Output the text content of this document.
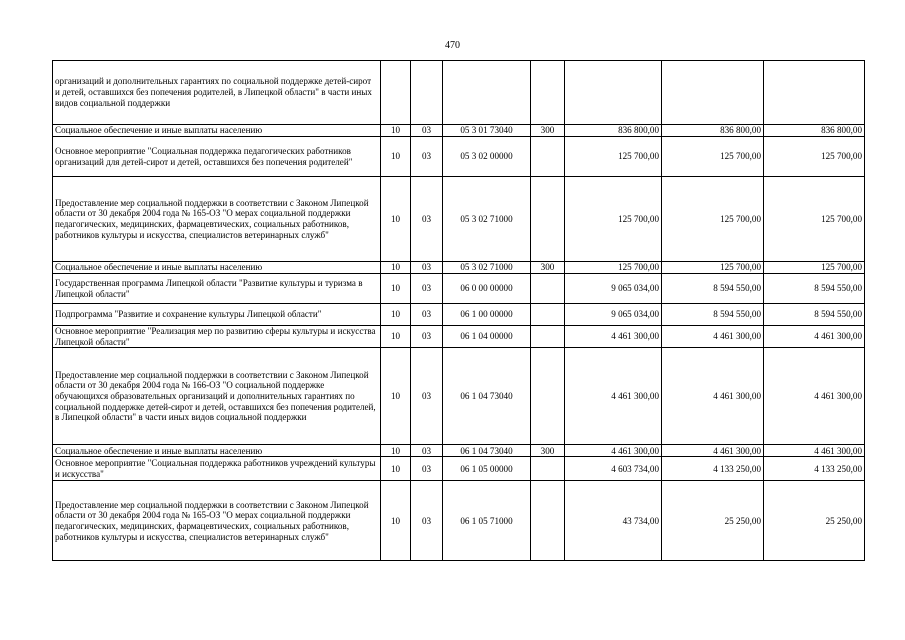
470
организаций и дополнительных гарантиях по социальной поддержке детей-сирот и детей, оставшихся без попечения родителей, в Липецкой области" в части иных видов социальной поддержки							
Социальное обеспечение и иные выплаты населению	10	03	05 3 01 73040	300	836 800,00	836 800,00	836 800,00
Основное мероприятие "Социальная поддержка педагогических работников организаций для детей-сирот и детей, оставшихся без попечения родителей"	10	03	05 3 02 00000		125 700,00	125 700,00	125 700,00
Предоставление мер социальной поддержки в соответствии с Законом Липецкой области от 30 декабря 2004 года № 165-ОЗ "О мерах социальной поддержки педагогических, медицинских, фармацевтических, социальных работников, работников культуры и искусства, специалистов ветеринарных служб"	10	03	05 3 02 71000		125 700,00	125 700,00	125 700,00
Социальное обеспечение и иные выплаты населению	10	03	05 3 02 71000	300	125 700,00	125 700,00	125 700,00
Государственная программа Липецкой области "Развитие культуры и туризма в Липецкой области"	10	03	06 0 00 00000		9 065 034,00	8 594 550,00	8 594 550,00
Подпрограмма "Развитие и сохранение культуры Липецкой области"	10	03	06 1 00 00000		9 065 034,00	8 594 550,00	8 594 550,00
Основное мероприятие "Реализация мер по развитию сферы культуры и искусства Липецкой области"	10	03	06 1 04 00000		4 461 300,00	4 461 300,00	4 461 300,00
Предоставление мер социальной поддержки в соответствии с Законом Липецкой области от 30 декабря 2004 года № 166-ОЗ "О социальной поддержке обучающихся образовательных организаций и дополнительных гарантиях по социальной поддержке детей-сирот и детей, оставшихся без попечения родителей, в Липецкой области" в части иных видов социальной поддержки	10	03	06 1 04 73040		4 461 300,00	4 461 300,00	4 461 300,00
Социальное обеспечение и иные выплаты населению	10	03	06 1 04 73040	300	4 461 300,00	4 461 300,00	4 461 300,00
Основное мероприятие "Социальная поддержка работников учреждений культуры и искусства"	10	03	06 1 05 00000		4 603 734,00	4 133 250,00	4 133 250,00
Предоставление мер социальной поддержки в соответствии с Законом Липецкой области от 30 декабря 2004 года № 165-ОЗ "О мерах социальной поддержки педагогических, медицинских, фармацевтических, социальных работников, работников культуры и искусства, специалистов ветеринарных служб"	10	03	06 1 05 71000		43 734,00	25 250,00	25 250,00
